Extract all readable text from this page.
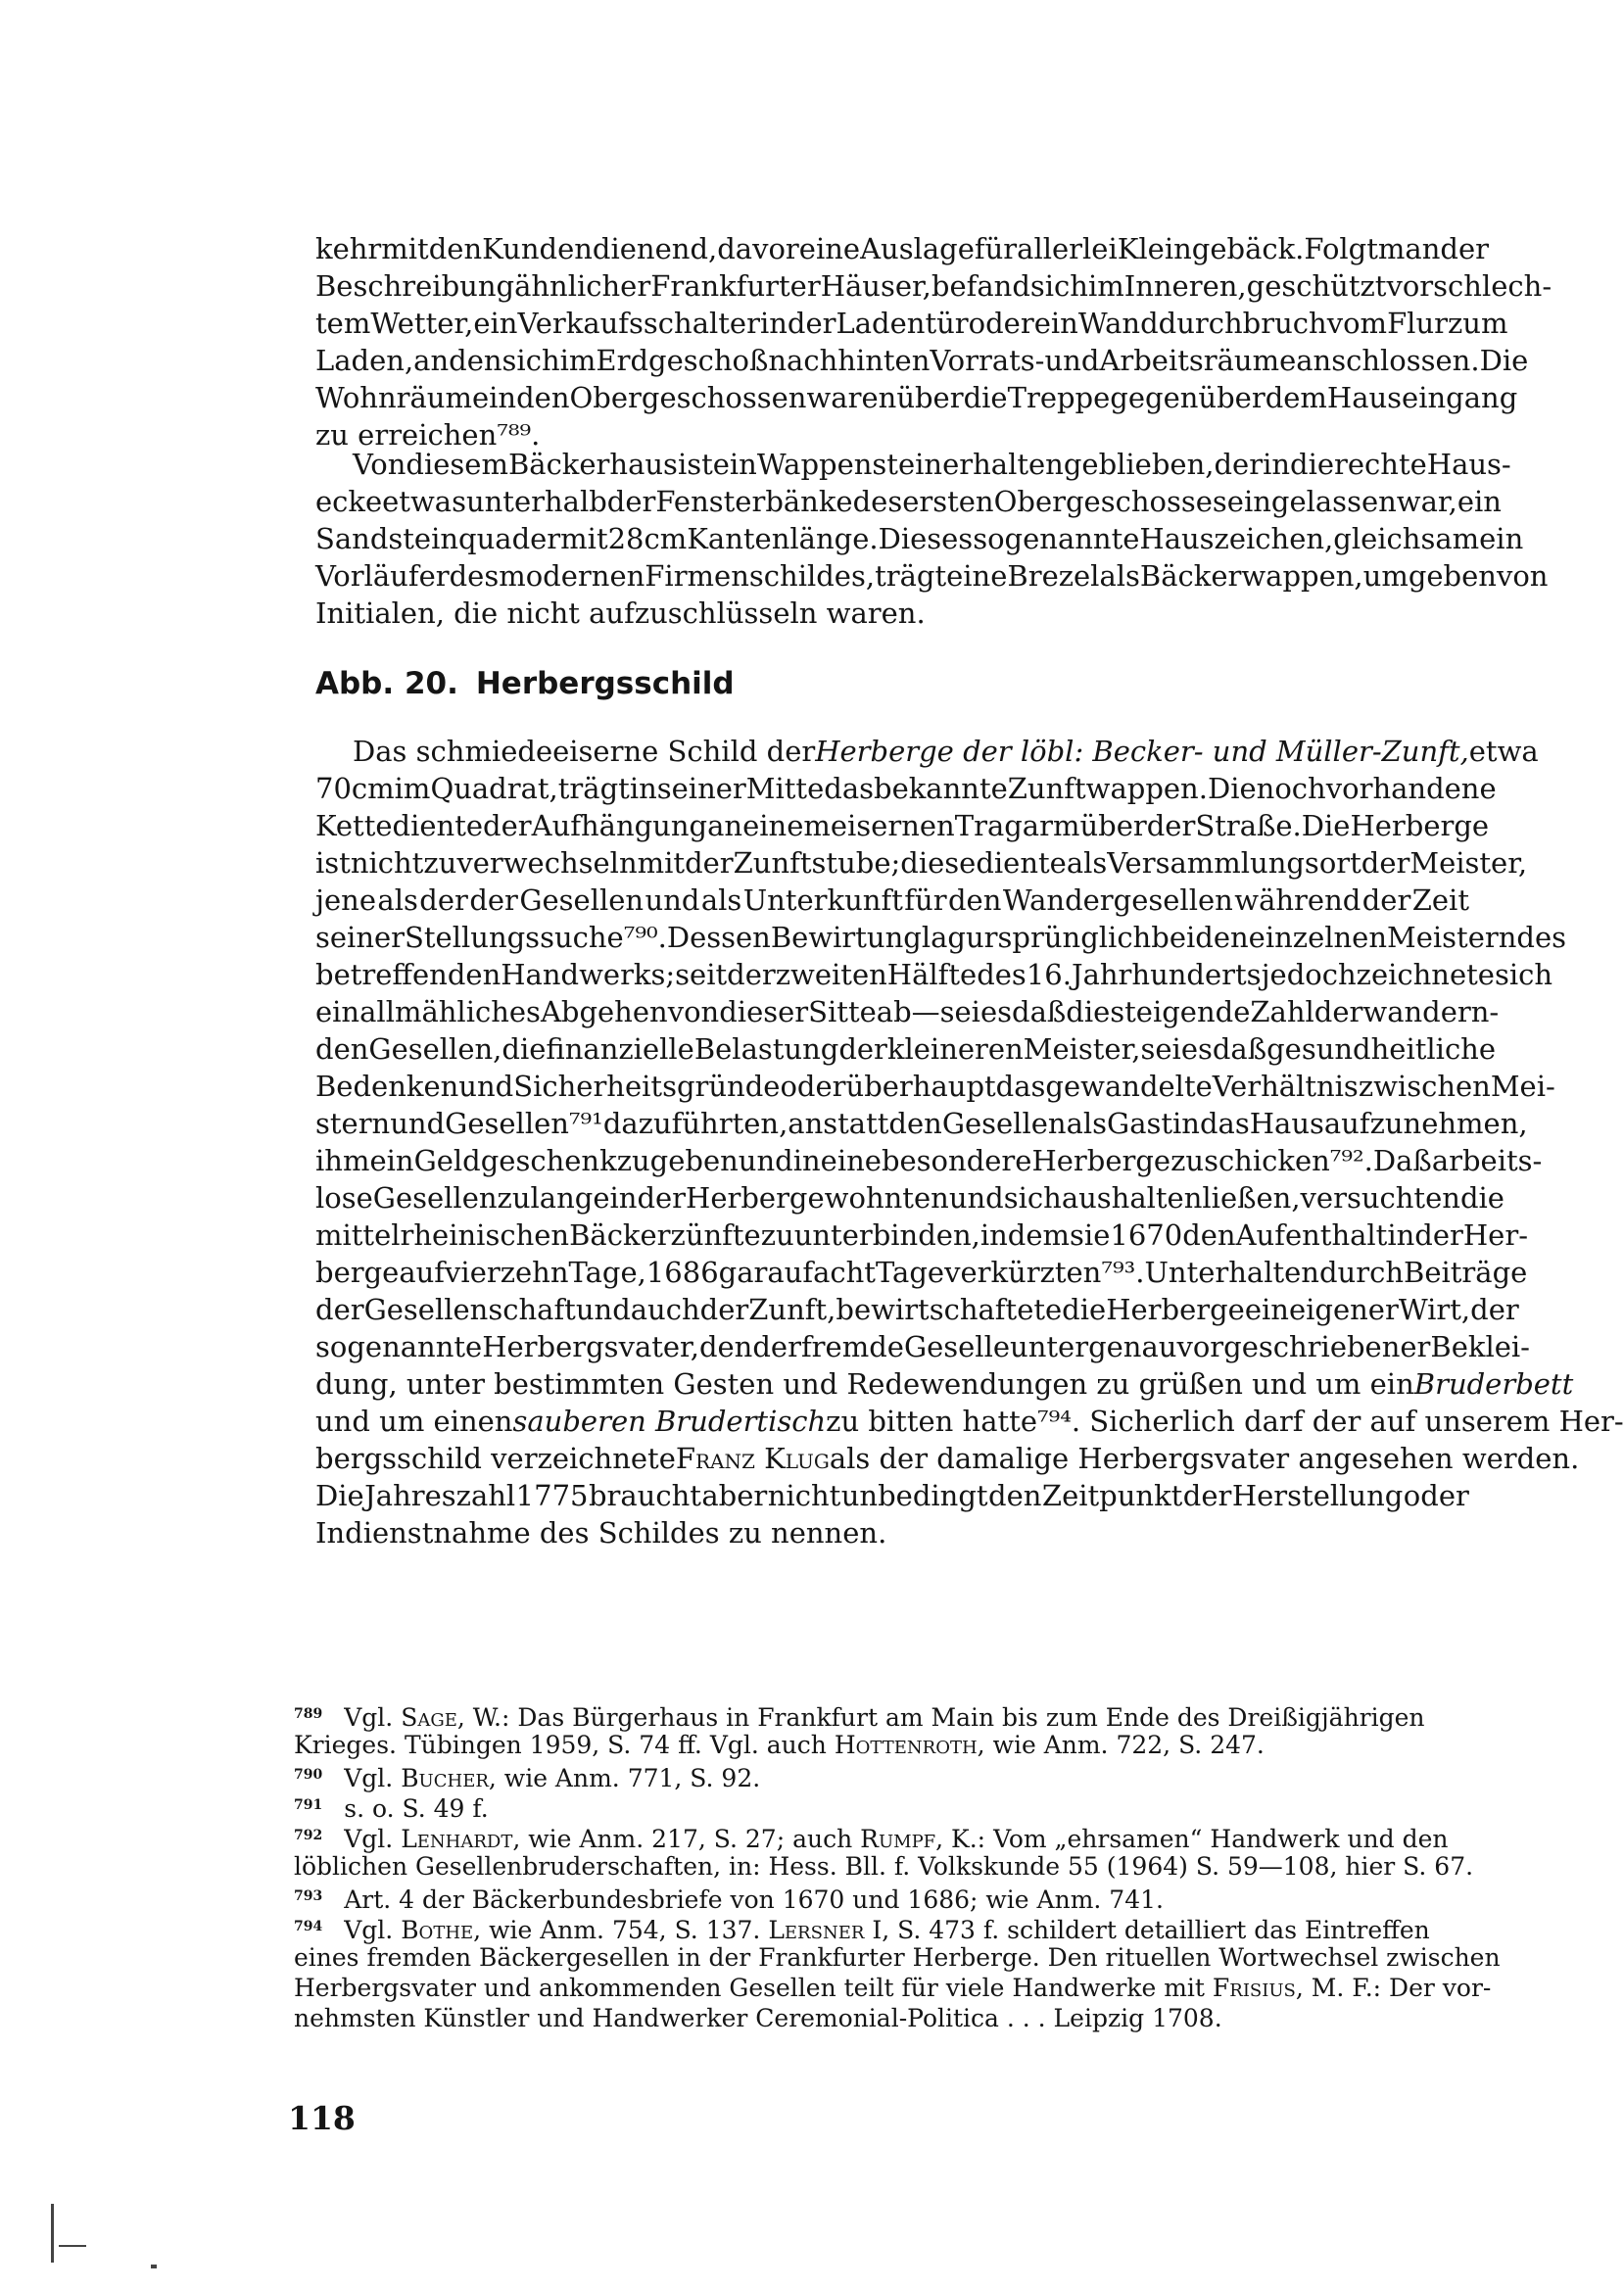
kehr mit den Kunden dienend, davor eine Auslage für allerlei Kleingebäck. Folgt man der
Beschreibung ähnlicher Frankfurter Häuser, befand sich im Inneren, geschützt vor schlech-
tem Wetter, ein Verkaufsschalter in der Ladentür oder ein Wanddurchbruch vom Flur zum
Laden, an den sich im Erdgeschoß nach hinten Vorrats- und Arbeitsräume anschlossen. Die
Wohnräume in den Obergeschossen waren über die Treppe gegenüber dem Hauseingang
zu erreichen⁷⁸⁹.
Von diesem Bäckerhaus ist ein Wappenstein erhalten geblieben, der in die rechte Haus-
ecke etwas unterhalb der Fensterbänke des ersten Obergeschosses eingelassen war, ein
Sandsteinquader mit 28 cm Kantenlänge. Dieses sogenannte Hauszeichen, gleichsam ein
Vorläufer des modernen Firmenschildes, trägt eine Brezel als Bäckerwappen, umgeben von
Initialen, die nicht aufzuschlüsseln waren.
Abb. 20. Herbergsschild
Das schmiedeeiserne Schild der Herberge der löbl: Becker- und Müller-Zunft, etwa
70 cm im Quadrat, trägt in seiner Mitte das bekannte Zunftwappen. Die noch vorhandene
Kette diente der Aufhängung an einem eisernen Tragarm über der Straße. Die Herberge
ist nicht zu verwechseln mit der Zunftstube; diese diente als Versammlungsort der Meister,
jene als der der Gesellen und als Unterkunft für den Wandergesellen während der Zeit
seiner Stellungssuche⁷⁹⁰. Dessen Bewirtung lag ursprünglich bei den einzelnen Meistern des
betreffenden Handwerks; seit der zweiten Hälfte des 16. Jahrhunderts jedoch zeichnete sich
ein allmähliches Abgehen von dieser Sitte ab — sei es daß die steigende Zahl der wandern-
den Gesellen, die finanzielle Belastung der kleineren Meister, sei es daß gesundheitliche
Bedenken und Sicherheitsgründe oder überhaupt das gewandelte Verhältnis zwischen Mei-
stern und Gesellen⁷⁹¹ dazu führten, anstatt den Gesellen als Gast in das Haus aufzunehmen,
ihm ein Geldgeschenk zu geben und in eine besondere Herberge zu schicken⁷⁹². Daß arbeits-
lose Gesellen zu lange in der Herberge wohnten und sich aushalten ließen, versuchten die
mittelrheinischen Bäckerzünfte zu unterbinden, indem sie 1670 den Aufenthalt in der Her-
berge auf vierzehn Tage, 1686 gar auf acht Tage verkürzten⁷⁹³. Unterhalten durch Beiträge
der Gesellenschaft und auch der Zunft, bewirtschaftete die Herberge ein eigener Wirt, der
sogenannte Herbergsvater, den der fremde Geselle unter genau vorgeschriebener Beklei-
dung, unter bestimmten Gesten und Redewendungen zu grüßen und um ein Bruderbett
und um einen sauberen Brudertisch zu bitten hatte⁷⁹⁴. Sicherlich darf der auf unserem Her-
bergsschild verzeichnete Franz Klug als der damalige Herbergsvater angesehen werden.
Die Jahreszahl 1775 braucht aber nicht unbedingt den Zeitpunkt der Herstellung oder
Indienstnahme des Schildes zu nennen.
$^{789}$ Vgl. Sage, W.: Das Bürgerhaus in Frankfurt am Main bis zum Ende des Dreißigjährigen
Krieges. Tübingen 1959, S. 74 ff. Vgl. auch Hottenroth, wie Anm. 722, S. 247.
$^{790}$ Vgl. Bucher, wie Anm. 771, S. 92.
$^{791}$ s. o. S. 49 f.
$^{792}$ Vgl. Lenhardt, wie Anm. 217, S. 27; auch Rumpf, K.: Vom „ehrsamen“ Handwerk und den
löblichen Gesellenbruderschaften, in: Hess. Bll. f. Volkskunde 55 (1964) S. 59—108, hier S. 67.
$^{793}$ Art. 4 der Bäckerbundesbriefe von 1670 und 1686; wie Anm. 741.
$^{794}$ Vgl. Bothe, wie Anm. 754, S. 137. Lersner I, S. 473 f. schildert detailliert das Eintreffen
eines fremden Bäckergesellen in der Frankfurter Herberge. Den rituellen Wortwechsel zwischen
Herbergsvater und ankommenden Gesellen teilt für viele Handwerke mit Frisius, M. F.: Der vor-
nehmsten Künstler und Handwerker Ceremonial-Politica . . . Leipzig 1708.
118
